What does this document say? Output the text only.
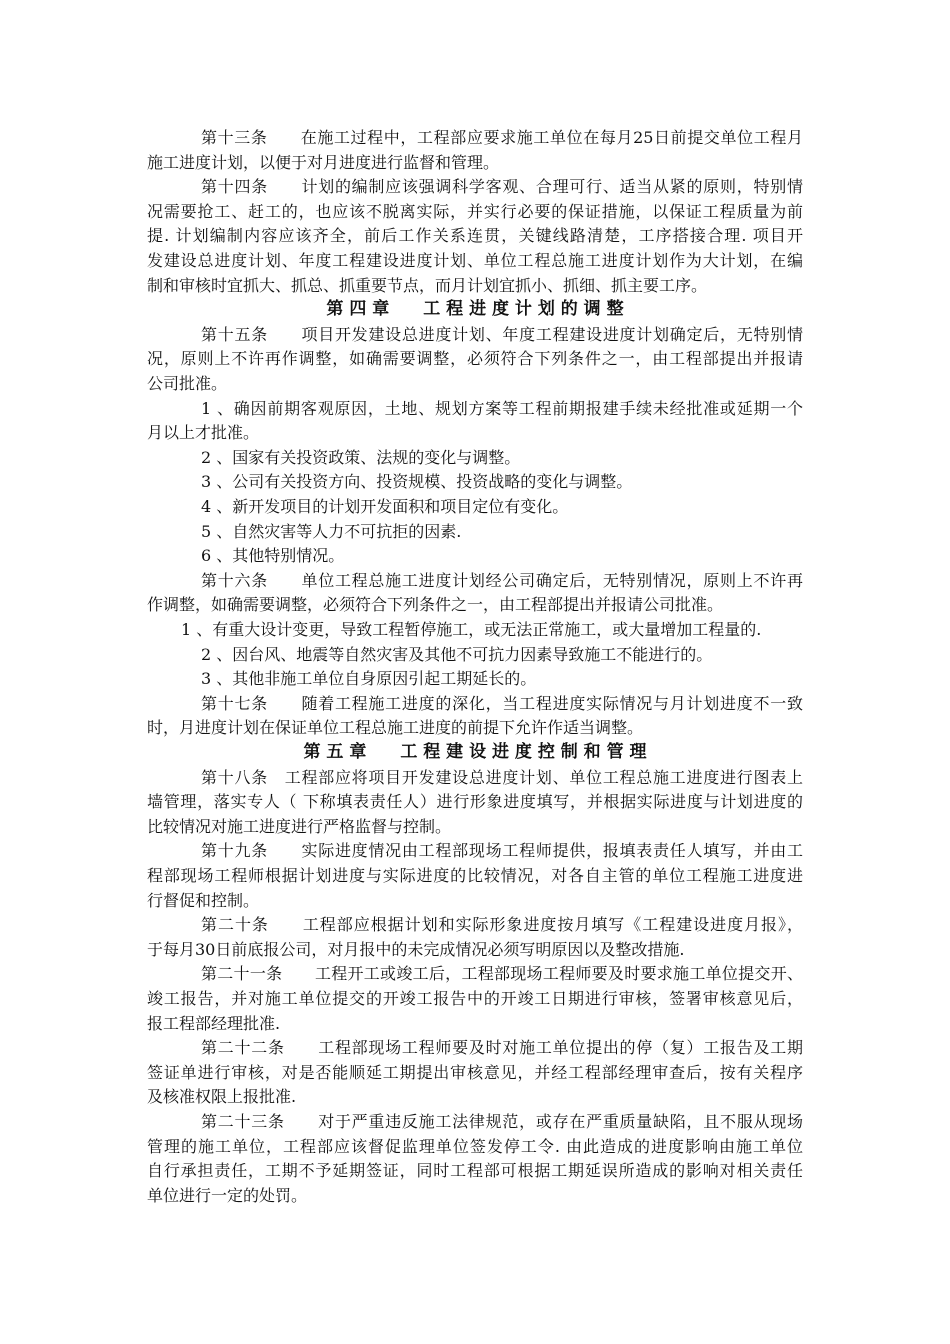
第十三条　　在施工过程中，工程部应要求施工单位在每月25日前提交单位工程月
施工进度计划，以便于对月进度进行监督和管理。
第十四条　　计划的编制应该强调科学客观、合理可行、适当从紧的原则，特别情
况需要抢工、赶工的，也应该不脱离实际，并实行必要的保证措施，以保证工程质量为前
提. 计划编制内容应该齐全，前后工作关系连贯，关键线路清楚，工序搭接合理. 项目开
发建设总进度计划、年度工程建设进度计划、单位工程总施工进度计划作为大计划，在编
制和审核时宜抓大、抓总、抓重要节点，而月计划宜抓小、抓细、抓主要工序。
第 四 章　　工 程 进 度 计 划 的 调 整
第十五条　　项目开发建设总进度计划、年度工程建设进度计划确定后，无特别情
况，原则上不许再作调整，如确需要调整，必须符合下列条件之一，由工程部提出并报请
公司批准。
1 、确因前期客观原因，土地、规划方案等工程前期报建手续未经批准或延期一个
月以上才批准。
2 、国家有关投资政策、法规的变化与调整。
3 、公司有关投资方向、投资规模、投资战略的变化与调整。
4 、新开发项目的计划开发面积和项目定位有变化。
5 、自然灾害等人力不可抗拒的因素.
6 、其他特别情况。
第十六条　　单位工程总施工进度计划经公司确定后，无特别情况，原则上不许再
作调整，如确需要调整，必须符合下列条件之一，由工程部提出并报请公司批准。
1 、有重大设计变更，导致工程暂停施工，或无法正常施工，或大量增加工程量的.
2 、因台风、地震等自然灾害及其他不可抗力因素导致施工不能进行的。
3 、其他非施工单位自身原因引起工期延长的。
第十七条　　随着工程施工进度的深化，当工程进度实际情况与月计划进度不一致
时，月进度计划在保证单位工程总施工进度的前提下允许作适当调整。
第 五 章　　工 程 建 设 进 度 控 制 和 管 理
第十八条　工程部应将项目开发建设总进度计划、单位工程总施工进度进行图表上
墙管理，落实专人（ 下称填表责任人）进行形象进度填写，并根据实际进度与计划进度的
比较情况对施工进度进行严格监督与控制。
第十九条　　实际进度情况由工程部现场工程师提供，报填表责任人填写，并由工
程部现场工程师根据计划进度与实际进度的比较情况，对各自主管的单位工程施工进度进
行督促和控制。
第二十条　　工程部应根据计划和实际形象进度按月填写《工程建设进度月报》，
于每月30日前底报公司，对月报中的未完成情况必须写明原因以及整改措施.
第二十一条　　工程开工或竣工后，工程部现场工程师要及时要求施工单位提交开、
竣工报告，并对施工单位提交的开竣工报告中的开竣工日期进行审核，签署审核意见后，
报工程部经理批准.
第二十二条　　工程部现场工程师要及时对施工单位提出的停（复）工报告及工期
签证单进行审核，对是否能顺延工期提出审核意见，并经工程部经理审查后，按有关程序
及核准权限上报批准.
第二十三条　　对于严重违反施工法律规范，或存在严重质量缺陷，且不服从现场
管理的施工单位，工程部应该督促监理单位签发停工令. 由此造成的进度影响由施工单位
自行承担责任，工期不予延期签证，同时工程部可根据工期延误所造成的影响对相关责任
单位进行一定的处罚。
